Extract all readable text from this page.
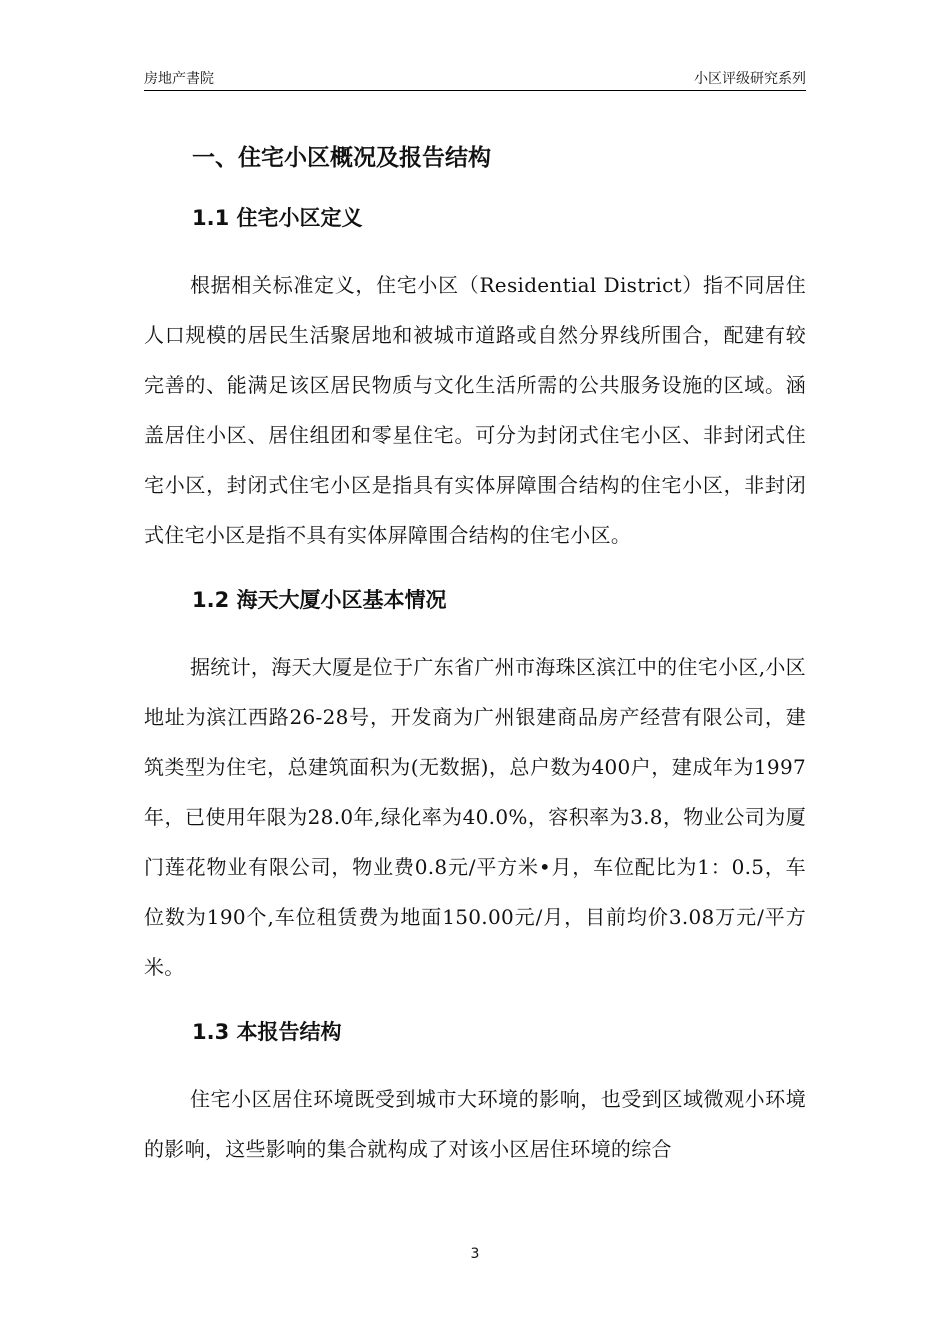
房地产書院	小区评级研究系列
一、住宅小区概况及报告结构
1.1 住宅小区定义

根据相关标准定义，住宅小区（Residential District）指不同居住人口规模的居民生活聚居地和被城市道路或自然分界线所围合，配建有较完善的、能满足该区居民物质与文化生活所需的公共服务设施的区域。涵盖居住小区、居住组团和零星住宅。可分为封闭式住宅小区、非封闭式住宅小区，封闭式住宅小区是指具有实体屏障围合结构的住宅小区，非封闭式住宅小区是指不具有实体屏障围合结构的住宅小区。

1.2 海天大厦小区基本情况

据统计，海天大厦是位于广东省广州市海珠区滨江中的住宅小区,小区地址为滨江西路26-28号，开发商为广州银建商品房产经营有限公司，建筑类型为住宅，总建筑面积为(无数据)，总户数为400户，建成年为1997年，已使用年限为28.0年,绿化率为40.0%，容积率为3.8，物业公司为厦门莲花物业有限公司，物业费0.8元/平方米•月，车位配比为1：0.5，车位数为190个,车位租赁费为地面150.00元/月，目前均价3.08万元/平方米。

1.3 本报告结构

住宅小区居住环境既受到城市大环境的影响，也受到区域微观小环境的影响，这些影响的集合就构成了对该小区居住环境的综合

3
